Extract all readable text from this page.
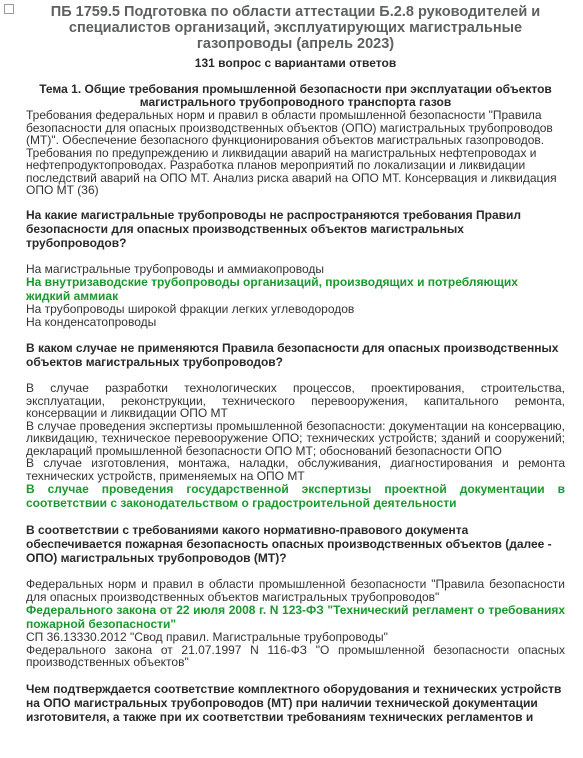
ПБ 1759.5 Подготовка по области аттестации Б.2.8 руководителей и специалистов организаций, эксплуатирующих магистральные газопроводы (апрель 2023)
131 вопрос с вариантами ответов
Тема 1. Общие требования промышленной безопасности при эксплуатации объектов магистрального трубопроводного транспорта газов
Требования федеральных норм и правил в области промышленной безопасности "Правила безопасности для опасных производственных объектов (ОПО) магистральных трубопроводов (МТ)". Обеспечение безопасного функционирования объектов магистральных газопроводов. Требования по предупреждению и ликвидации аварий на магистральных нефтепроводах и нефтепродуктопроводах. Разработка планов мероприятий по локализации и ликвидации последствий аварий на ОПО МТ. Анализ риска аварий на ОПО МТ. Консервация и ликвидация ОПО МТ (36)
На какие магистральные трубопроводы не распространяются требования Правил безопасности для опасных производственных объектов магистральных трубопроводов?
На магистральные трубопроводы и аммиакопроводы
На внутризаводские трубопроводы организаций, производящих и потребляющих жидкий аммиак
На трубопроводы широкой фракции легких углеводородов
На конденсатопроводы
В каком случае не применяются Правила безопасности для опасных производственных объектов магистральных трубопроводов?
В случае разработки технологических процессов, проектирования, строительства, эксплуатации, реконструкции, технического перевооружения, капитального ремонта, консервации и ликвидации ОПО МТ
В случае проведения экспертизы промышленной безопасности: документации на консервацию, ликвидацию, техническое перевооружение ОПО; технических устройств; зданий и сооружений; деклараций промышленной безопасности ОПО МТ; обоснований безопасности ОПО
В случае изготовления, монтажа, наладки, обслуживания, диагностирования и ремонта технических устройств, применяемых на ОПО МТ
В случае проведения государственной экспертизы проектной документации в соответствии с законодательством о градостроительной деятельности
В соответствии с требованиями какого нормативно-правового документа обеспечивается пожарная безопасность опасных производственных объектов (далее - ОПО) магистральных трубопроводов (МТ)?
Федеральных норм и правил в области промышленной безопасности "Правила безопасности для опасных производственных объектов магистральных трубопроводов"
Федерального закона от 22 июля 2008 г. N 123-ФЗ "Технический регламент о требованиях пожарной безопасности"
СП 36.13330.2012 "Свод правил. Магистральные трубопроводы"
Федерального закона от 21.07.1997 N 116-ФЗ "О промышленной безопасности опасных производственных объектов"
Чем подтверждается соответствие комплектного оборудования и технических устройств на ОПО магистральных трубопроводов (МТ) при наличии технической документации изготовителя, а также при их соответствии требованиям технических регламентов и
